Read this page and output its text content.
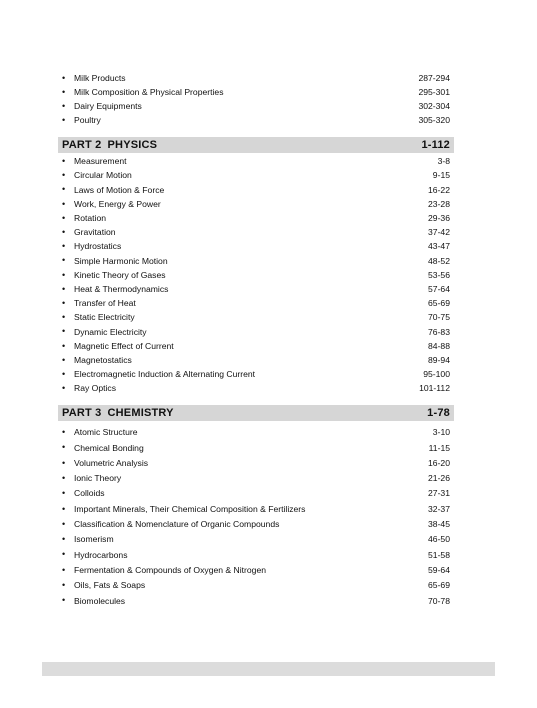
•	Milk Products	287-294
•	Milk Composition & Physical Properties	295-301
•	Dairy Equipments	302-304
•	Poultry	305-320
PART 2 PHYSICS	1-112
•	Measurement	3-8
•	Circular Motion	9-15
•	Laws of Motion & Force	16-22
•	Work, Energy & Power	23-28
•	Rotation	29-36
•	Gravitation	37-42
•	Hydrostatics	43-47
•	Simple Harmonic Motion	48-52
•	Kinetic Theory of Gases	53-56
•	Heat & Thermodynamics	57-64
•	Transfer of Heat	65-69
•	Static Electricity	70-75
•	Dynamic Electricity	76-83
•	Magnetic Effect of Current	84-88
•	Magnetostatics	89-94
•	Electromagnetic Induction & Alternating Current	95-100
•	Ray Optics	101-112
PART 3 CHEMISTRY	1-78
•	Atomic Structure	3-10
•	Chemical Bonding	11-15
•	Volumetric Analysis	16-20
•	Ionic Theory	21-26
•	Colloids	27-31
•	Important Minerals, Their Chemical Composition & Fertilizers	32-37
•	Classification & Nomenclature of Organic Compounds	38-45
•	Isomerism	46-50
•	Hydrocarbons	51-58
•	Fermentation & Compounds of Oxygen & Nitrogen	59-64
•	Oils, Fats & Soaps	65-69
•	Biomolecules	70-78
